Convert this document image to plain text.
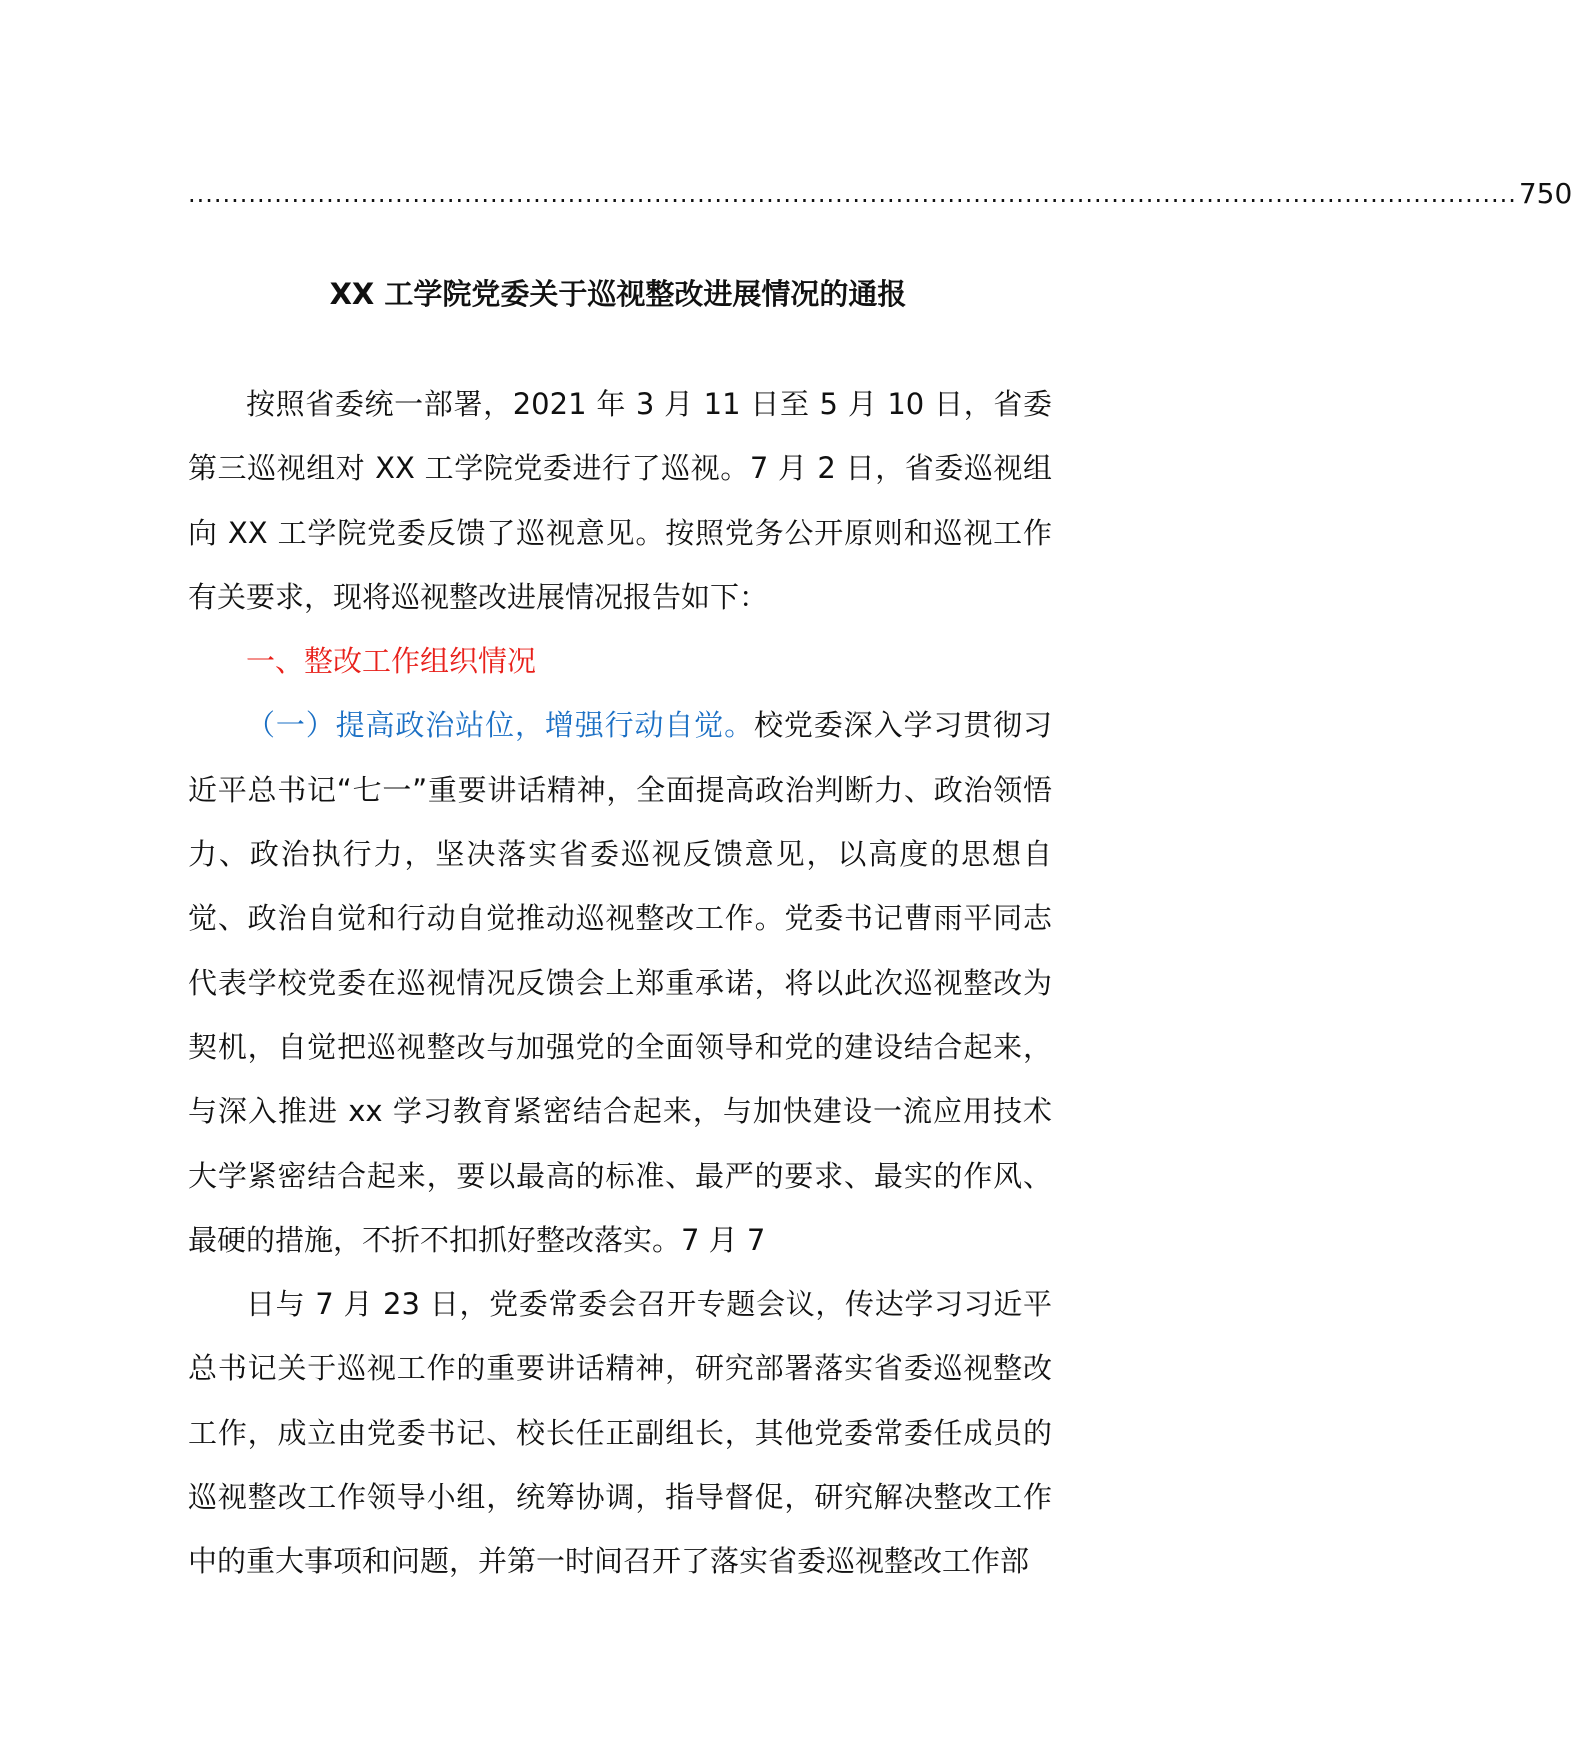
.......................................................................................................................................................... 750
XX 工学院党委关于巡视整改进展情况的通报

按照省委统一部署，2021 年 3 月 11 日至 5 月 10 日，省委第三巡视组对 XX 工学院党委进行了巡视。7 月 2 日，省委巡视组向 XX 工学院党委反馈了巡视意见。按照党务公开原则和巡视工作有关要求，现将巡视整改进展情况报告如下：

一、整改工作组织情况

（一）提高政治站位，增强行动自觉。校党委深入学习贯彻习近平总书记“七一”重要讲话精神，全面提高政治判断力、政治领悟力、政治执行力，坚决落实省委巡视反馈意见，以高度的思想自觉、政治自觉和行动自觉推动巡视整改工作。党委书记曹雨平同志代表学校党委在巡视情况反馈会上郑重承诺，将以此次巡视整改为契机，自觉把巡视整改与加强党的全面领导和党的建设结合起来，与深入推进 xx 学习教育紧密结合起来，与加快建设一流应用技术大学紧密结合起来，要以最高的标准、最严的要求、最实的作风、最硬的措施，不折不扣抓好整改落实。7 月 7

日与 7 月 23 日，党委常委会召开专题会议，传达学习习近平总书记关于巡视工作的重要讲话精神，研究部署落实省委巡视整改工作，成立由党委书记、校长任正副组长，其他党委常委任成员的巡视整改工作领导小组，统筹协调，指导督促，研究解决整改工作中的重大事项和问题，并第一时间召开了落实省委巡视整改工作部
